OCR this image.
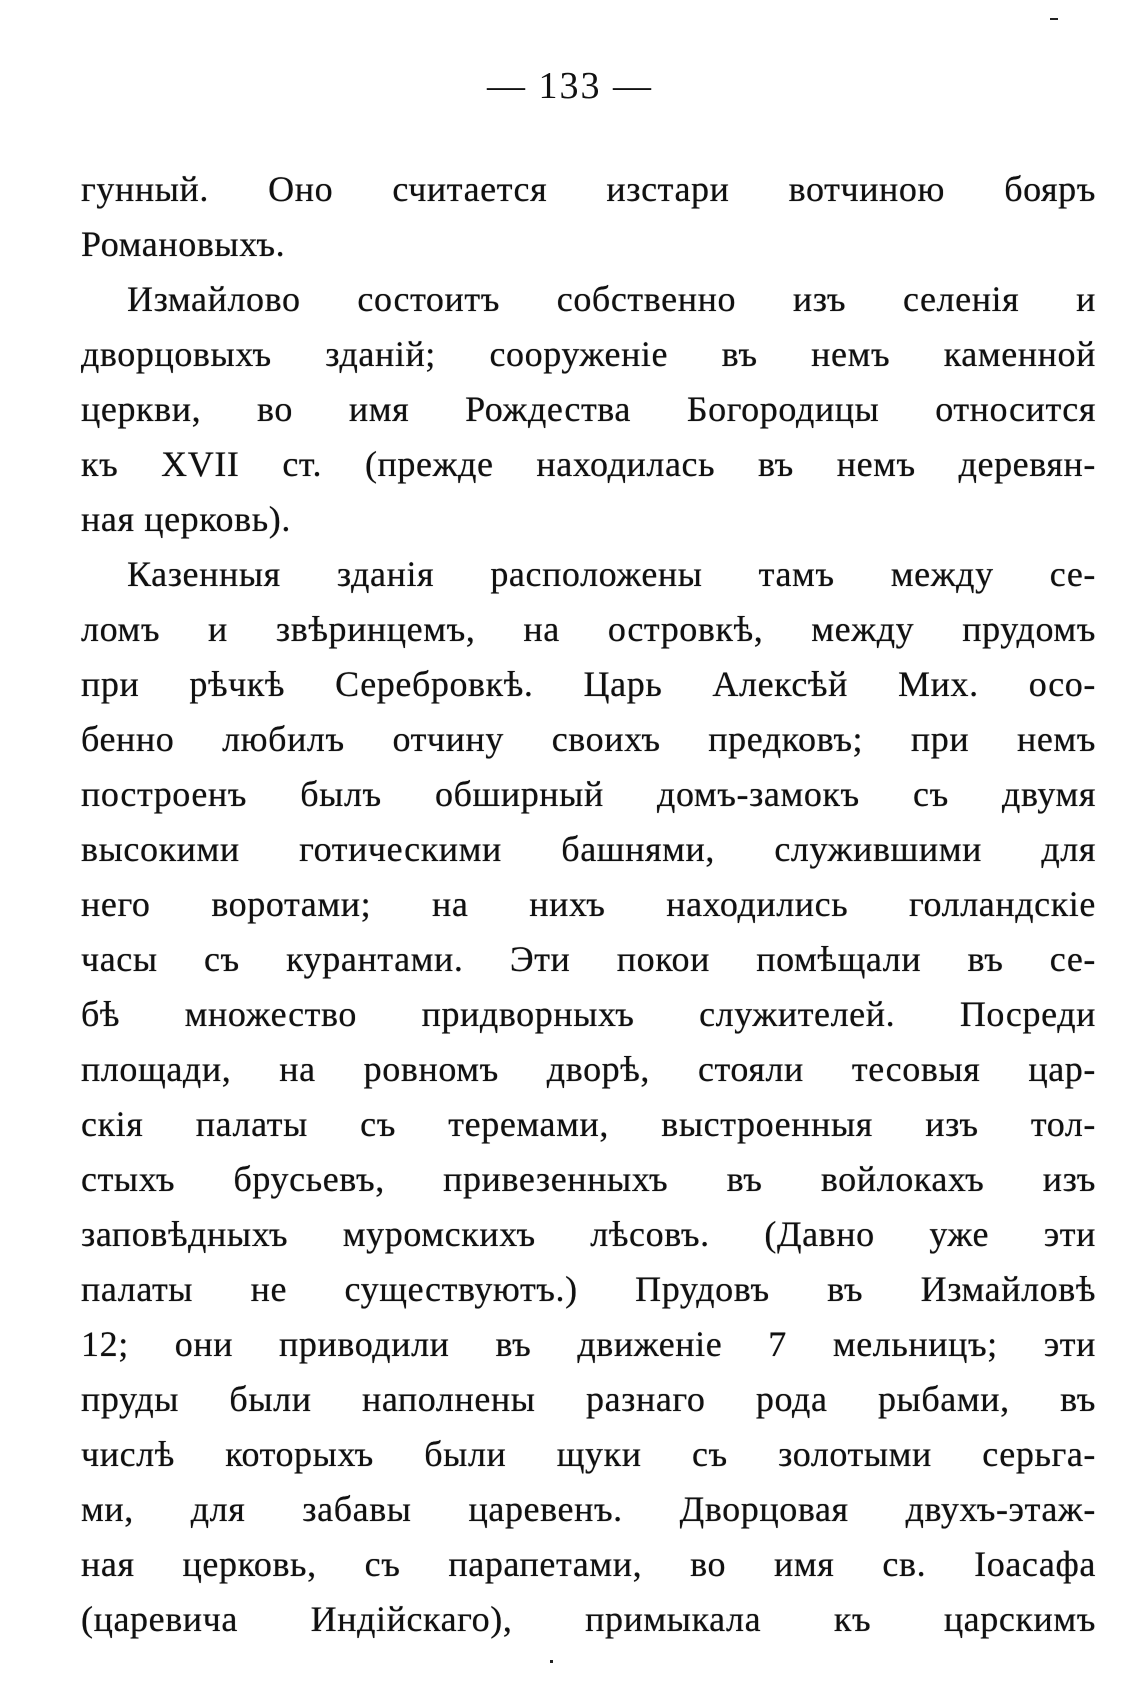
— 133 —
гунный. Оно считается изстари вотчиною бояръ
Романовыхъ.
Измайлово состоитъ собственно изъ селенія и
дворцовыхъ зданій; сооруженіе въ немъ каменной
церкви, во имя Рождества Богородицы относится
къ XVII ст. (прежде находилась въ немъ деревян-
ная церковь).
Казенныя зданія расположены тамъ между се-
ломъ и звѣринцемъ, на островкѣ, между прудомъ
при рѣчкѣ Серебровкѣ. Царь Алексѣй Мих. осо-
бенно любилъ отчину своихъ предковъ; при немъ
построенъ былъ обширный домъ-замокъ съ двумя
высокими готическими башнями, служившими для
него воротами; на нихъ находились голландскіе
часы съ курантами. Эти покои помѣщали въ се-
бѣ множество придворныхъ служителей. Посреди
площади, на ровномъ дворѣ, стояли тесовыя цар-
скія палаты съ теремами, выстроенныя изъ тол-
стыхъ брусьевъ, привезенныхъ въ войлокахъ изъ
заповѣдныхъ муромскихъ лѣсовъ. (Давно уже эти
палаты не существуютъ.) Прудовъ въ Измайловѣ
12; они приводили въ движеніе 7 мельницъ; эти
пруды были наполнены разнаго рода рыбами, въ
числѣ которыхъ были щуки съ золотыми серьга-
ми, для забавы царевенъ. Дворцовая двухъ-этаж-
ная церковь, съ парапетами, во имя св. Іоасафа
(царевича Индійскаго), примыкала къ царскимъ
